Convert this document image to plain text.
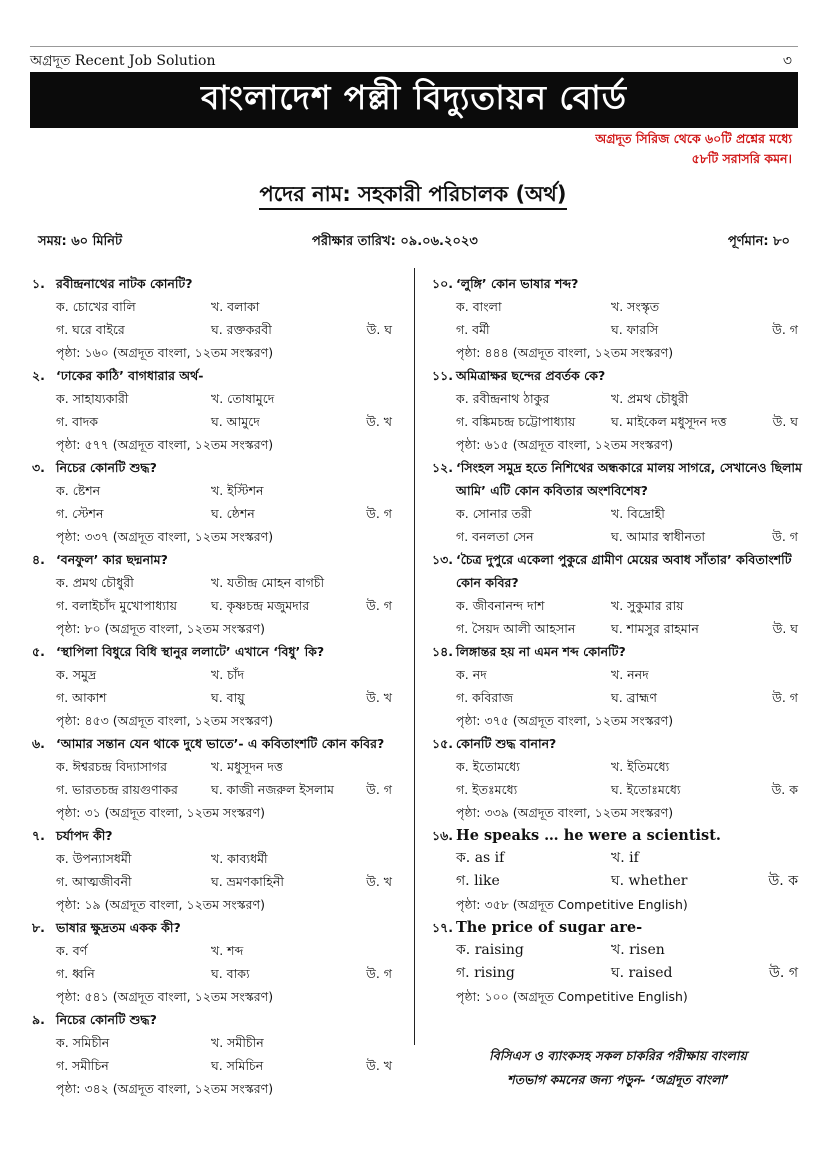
অগ্রদূত Recent Job Solution	৩
বাংলাদেশ পল্লী বিদ্যুতায়ন বোর্ড
অগ্রদূত সিরিজ থেকে ৬০টি প্রশ্নের মধ্যে
৫৮টি সরাসরি কমন।
পদের নাম: সহকারী পরিচালক (অর্থ)
সময়: ৬০ মিনিট	পরীক্ষার তারিখ: ০৯.০৬.২০২৩	পূর্ণমান: ৮০
১. রবীন্দ্রনাথের নাটক কোনটি?
ক. চোখের বালি	খ. বলাকা
গ. ঘরে বাইরে	ঘ. রক্তকরবী	উ. ঘ
পৃষ্ঠা: ১৬০ (অগ্রদূত বাংলা, ১২তম সংস্করণ)
২. ‘ঢাকের কাঠি’ বাগধারার অর্থ-
ক. সাহায্যকারী	খ. তোষামুদে
গ. বাদক	ঘ. আমুদে	উ. খ
পৃষ্ঠা: ৫৭৭ (অগ্রদূত বাংলা, ১২তম সংস্করণ)
৩. নিচের কোনটি শুদ্ধ?
ক. ষ্টেশন	খ. ইস্টিশন
গ. স্টেশন	ঘ. ষ্ঠেশন	উ. গ
পৃষ্ঠা: ৩৩৭ (অগ্রদূত বাংলা, ১২তম সংস্করণ)
৪. ‘বনফুল’ কার ছদ্মনাম?
ক. প্রমথ চৌধুরী	খ. যতীন্দ্র মোহন বাগচী
গ. বলাইচাঁদ মুখোপাধ্যায়	ঘ. কৃষ্ণচন্দ্র মজুমদার	উ. গ
পৃষ্ঠা: ৮০ (অগ্রদূত বাংলা, ১২তম সংস্করণ)
৫. ‘স্থাপিলা বিধুরে বিধি স্থানুর ললাটে’ এখানে ‘বিধু’ কি?
ক. সমুদ্র	খ. চাঁদ
গ. আকাশ	ঘ. বায়ু	উ. খ
পৃষ্ঠা: ৪৫৩ (অগ্রদূত বাংলা, ১২তম সংস্করণ)
৬. ‘আমার সন্তান যেন থাকে দুধে ভাতে’- এ কবিতাংশটি কোন কবির?
ক. ঈশ্বরচন্দ্র বিদ্যাসাগর	খ. মধুসূদন দত্ত
গ. ভারতচন্দ্র রায়গুণাকর	ঘ. কাজী নজরুল ইসলাম	উ. গ
পৃষ্ঠা: ৩১ (অগ্রদূত বাংলা, ১২তম সংস্করণ)
৭. চর্যাপদ কী?
ক. উপন্যাসধর্মী	খ. কাব্যধর্মী
গ. আত্মজীবনী	ঘ. ভ্রমণকাহিনী	উ. খ
পৃষ্ঠা: ১৯ (অগ্রদূত বাংলা, ১২তম সংস্করণ)
৮. ভাষার ক্ষুদ্রতম একক কী?
ক. বর্ণ	খ. শব্দ
গ. ধ্বনি	ঘ. বাক্য	উ. গ
পৃষ্ঠা: ৫৪১ (অগ্রদূত বাংলা, ১২তম সংস্করণ)
৯. নিচের কোনটি শুদ্ধ?
ক. সমিচীন	খ. সমীচীন
গ. সমীচিন	ঘ. সমিচিন	উ. খ
পৃষ্ঠা: ৩৪২ (অগ্রদূত বাংলা, ১২তম সংস্করণ)
১০. ‘লুঙ্গি’ কোন ভাষার শব্দ?
ক. বাংলা	খ. সংস্কৃত
গ. বর্মী	ঘ. ফারসি	উ. গ
পৃষ্ঠা: ৪৪৪ (অগ্রদূত বাংলা, ১২তম সংস্করণ)
১১. অমিত্রাক্ষর ছন্দের প্রবর্তক কে?
ক. রবীন্দ্রনাথ ঠাকুর	খ. প্রমথ চৌধুরী
গ. বঙ্কিমচন্দ্র চট্টোপাধ্যায়	ঘ. মাইকেল মধুসূদন দত্ত	উ. ঘ
পৃষ্ঠা: ৬১৫ (অগ্রদূত বাংলা, ১২তম সংস্করণ)
১২. ‘সিংহল সমুদ্র হতে নিশিথের অন্ধকারে মালয় সাগরে, সেখানেও ছিলাম আমি’ এটি কোন কবিতার অংশবিশেষ?
ক. সোনার তরী	খ. বিদ্রোহী
গ. বনলতা সেন	ঘ. আমার স্বাধীনতা	উ. গ
১৩. ‘চৈত্র দুপুরে একেলা পুকুরে গ্রামীণ মেয়ের অবাধ সাঁতার’ কবিতাংশটি কোন কবির?
ক. জীবনানন্দ দাশ	খ. সুকুমার রায়
গ. সৈয়দ আলী আহসান	ঘ. শামসুর রাহমান	উ. ঘ
১৪. লিঙ্গান্তর হয় না এমন শব্দ কোনটি?
ক. নদ	খ. ননদ
গ. কবিরাজ	ঘ. ব্রাহ্মণ	উ. গ
পৃষ্ঠা: ৩৭৫ (অগ্রদূত বাংলা, ১২তম সংস্করণ)
১৫. কোনটি শুদ্ধ বানান?
ক. ইতোমধ্যে	খ. ইতিমধ্যে
গ. ইতঃমধ্যে	ঘ. ইতোঃমধ্যে	উ. ক
পৃষ্ঠা: ৩৩৯ (অগ্রদূত বাংলা, ১২তম সংস্করণ)
১৬. He speaks … he were a scientist.
ক. as if	খ. if
গ. like	ঘ. whether	উ. ক
পৃষ্ঠা: ৩৫৮ (অগ্রদূত Competitive English)
১৭. The price of sugar are-
ক. raising	খ. risen
গ. rising	ঘ. raised	উ. গ
পৃষ্ঠা: ১০০ (অগ্রদূত Competitive English)
বিসিএস ও ব্যাংকসহ সকল চাকরির পরীক্ষায় বাংলায়
শতভাগ কমনের জন্য পড়ুন- ‘অগ্রদূত বাংলা’
